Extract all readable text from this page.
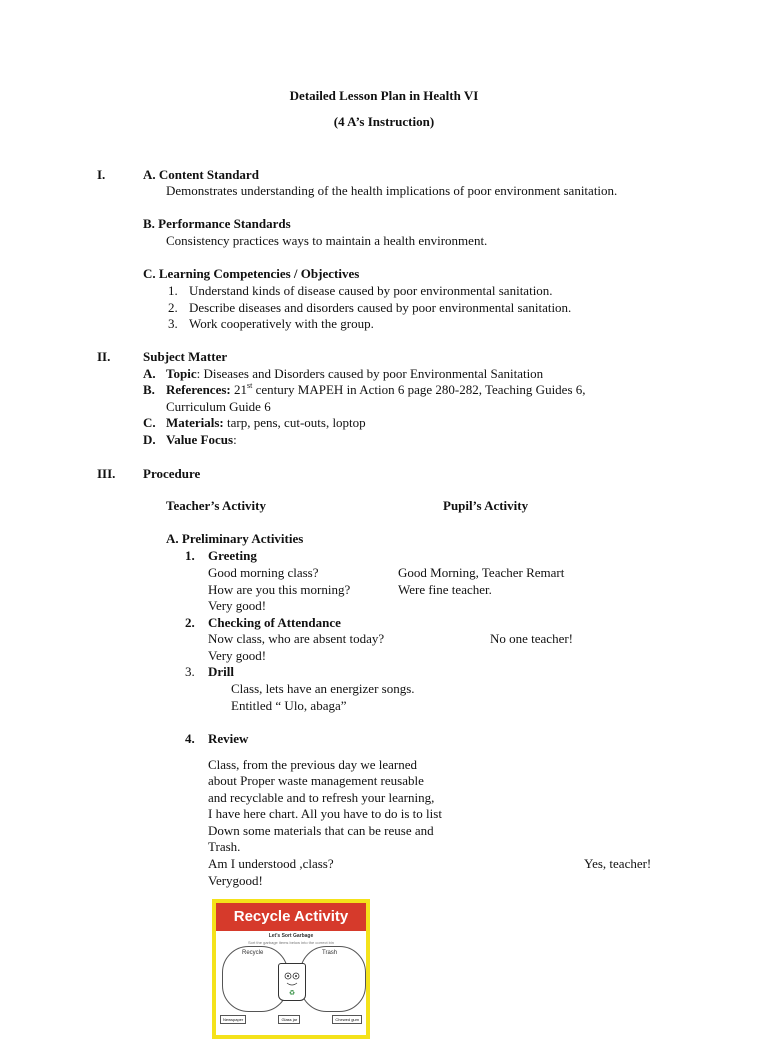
Detailed Lesson Plan in Health VI
(4 A’s Instruction)
I.	A. Content Standard
Demonstrates understanding of the health implications of poor environment sanitation.
B. Performance Standards
Consistency practices ways to maintain a health environment.
C. Learning Competencies / Objectives
1. Understand kinds of disease caused by poor environmental sanitation.
2. Describe diseases and disorders caused by poor environmental sanitation.
3. Work cooperatively with the group.
II.	Subject Matter
A. Topic: Diseases and Disorders caused by poor Environmental Sanitation
B. References: 21st century MAPEH in Action 6 page 280-282, Teaching Guides 6,
Curriculum Guide 6
C. Materials: tarp, pens, cut-outs, loptop
D. Value Focus:
III. Procedure
Teacher’s Activity	Pupil’s Activity
A. Preliminary Activities
1. Greeting
Good morning class?	Good Morning, Teacher Remart
How are you this morning?	Were fine teacher.
Very good!
2. Checking of Attendance
Now class, who are absent today?	No one teacher!
Very good!
3. Drill
Class, lets have an energizer songs.
Entitled “ Ulo, abaga”
4. Review
Class, from the previous day we learned
about Proper waste management reusable
and recyclable and to refresh your learning,
I have here chart. All you have to do is to list
Down some materials that can be reuse and
Trash.
Am I understood ,class?	Yes, teacher!
Verygood!
Recycle Activity
Let's Sort Garbage
Sort the garbage items below into the correct bin
Recycle	Trash
♻
Newspaper	Glass jar	Chewed gum
